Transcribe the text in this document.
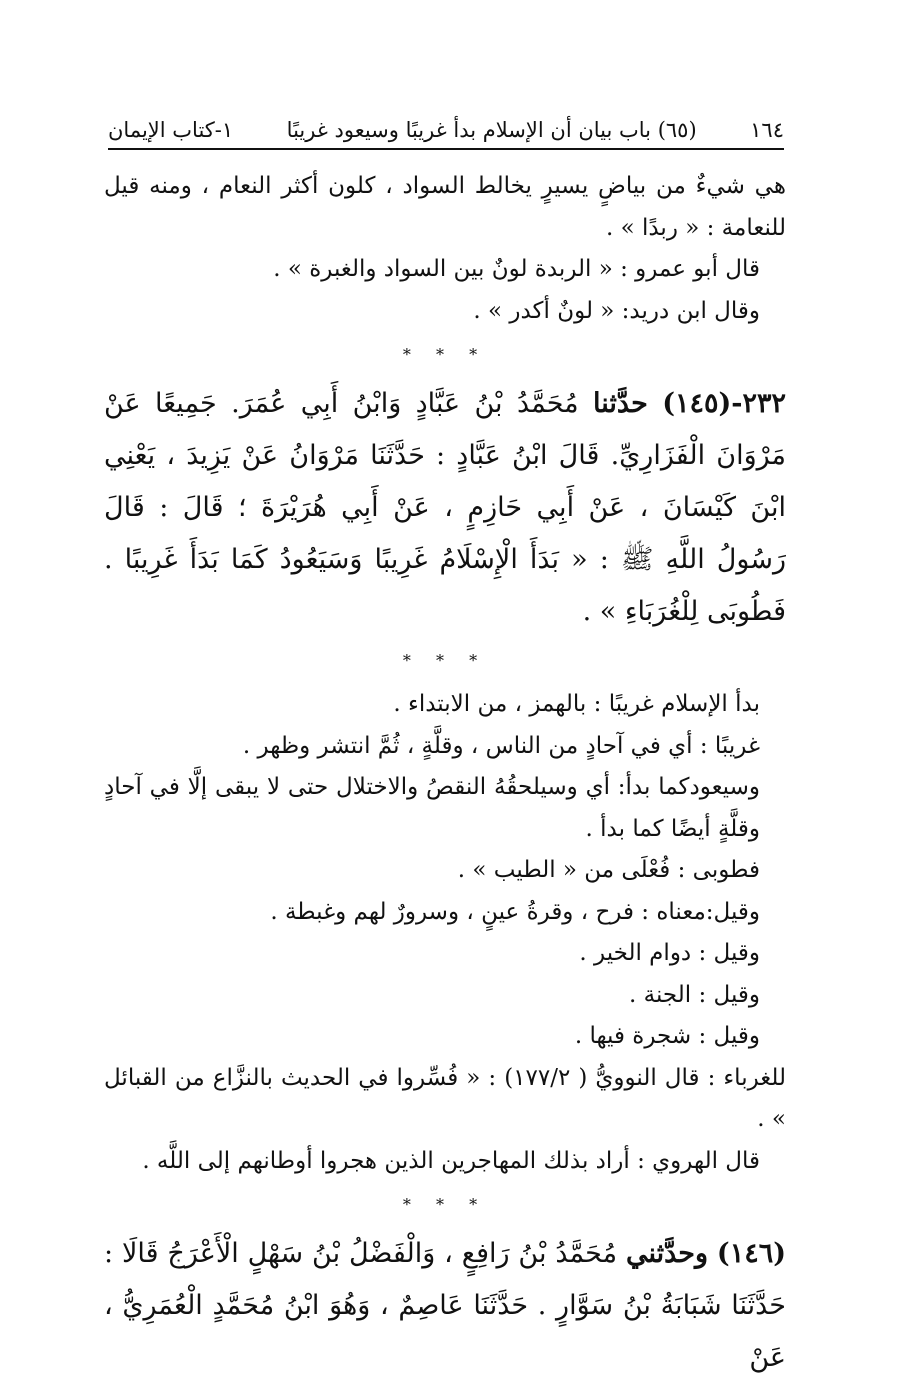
١٦٤
(٦٥) باب بيان أن الإسلام بدأ غريبًا وسيعود غريبًا
١-كتاب الإيمان

هي شيءٌ من بياضٍ يسيرٍ يخالط السواد ، كلون أكثر النعام ، ومنه قيل للنعامة : « ربدًا » .

قال أبو عمرو : « الربدة لونٌ بين السواد والغبرة » .

وقال ابن دريد: « لونٌ أكدر » .

* * *

٢٣٢-(١٤٥) حدَّثنا مُحَمَّدُ بْنُ عَبَّادٍ وَابْنُ أَبِي عُمَرَ. جَمِيعًا عَنْ مَرْوَانَ الْفَزَارِيِّ. قَالَ ابْنُ عَبَّادٍ : حَدَّثَنَا مَرْوَانُ عَنْ يَزِيدَ ، يَعْنِي ابْنَ كَيْسَانَ ، عَنْ أَبِي حَازِمٍ ، عَنْ أَبِي هُرَيْرَةَ ؛ قَالَ : قَالَ رَسُولُ اللَّهِ ﷺ : « بَدَأَ الْإِسْلَامُ غَرِيبًا وَسَيَعُودُ كَمَا بَدَأَ غَرِيبًا . فَطُوبَى لِلْغُرَبَاءِ » .

* * *

بدأ الإسلام غريبًا : بالهمز ، من الابتداء .

غريبًا : أي في آحادٍ من الناس ، وقلَّةٍ ، ثُمَّ انتشر وظهر .

وسيعودكما بدأ: أي وسيلحقُهُ النقصُ والاختلال حتى لا يبقى إلَّا في آحادٍ وقلَّةٍ أيضًا كما بدأ .

فطوبى : فُعْلَى من « الطيب » .

وقيل:معناه : فرح ، وقرةُ عينٍ ، وسرورٌ لهم وغبطة .

وقيل : دوام الخير .

وقيل : الجنة .

وقيل : شجرة فيها .

للغرباء : قال النوويُّ ( ١٧٧/٢) : « فُسِّروا في الحديث بالنزَّاع من القبائل » .

قال الهروي : أراد بذلك المهاجرين الذين هجروا أوطانهم إلى اللَّه .

* * *

(١٤٦) وحدَّثني مُحَمَّدُ بْنُ رَافِعٍ ، وَالْفَضْلُ بْنُ سَهْلٍ الْأَعْرَجُ قَالَا : حَدَّثَنَا شَبَابَةُ بْنُ سَوَّارٍ . حَدَّثَنَا عَاصِمٌ ، وَهُوَ ابْنُ مُحَمَّدٍ الْعُمَرِيُّ ، عَنْ
